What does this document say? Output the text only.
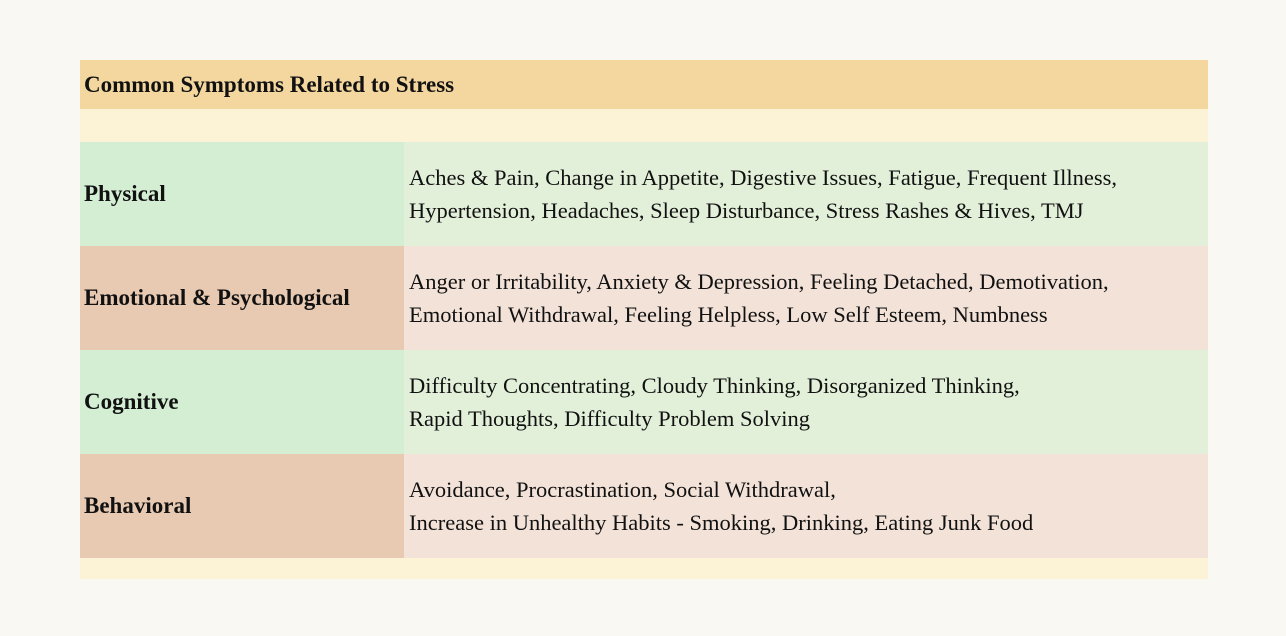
Common Symptoms Related to Stress
Physical
Aches & Pain, Change in Appetite, Digestive Issues, Fatigue, Frequent Illness,
Hypertension, Headaches, Sleep Disturbance, Stress Rashes & Hives, TMJ
Emotional & Psychological
Anger or Irritability, Anxiety & Depression, Feeling Detached, Demotivation,
Emotional Withdrawal, Feeling Helpless, Low Self Esteem, Numbness
Cognitive
Difficulty Concentrating, Cloudy Thinking, Disorganized Thinking,
Rapid Thoughts, Difficulty Problem Solving
Behavioral
Avoidance, Procrastination, Social Withdrawal,
Increase in Unhealthy Habits - Smoking, Drinking, Eating Junk Food
